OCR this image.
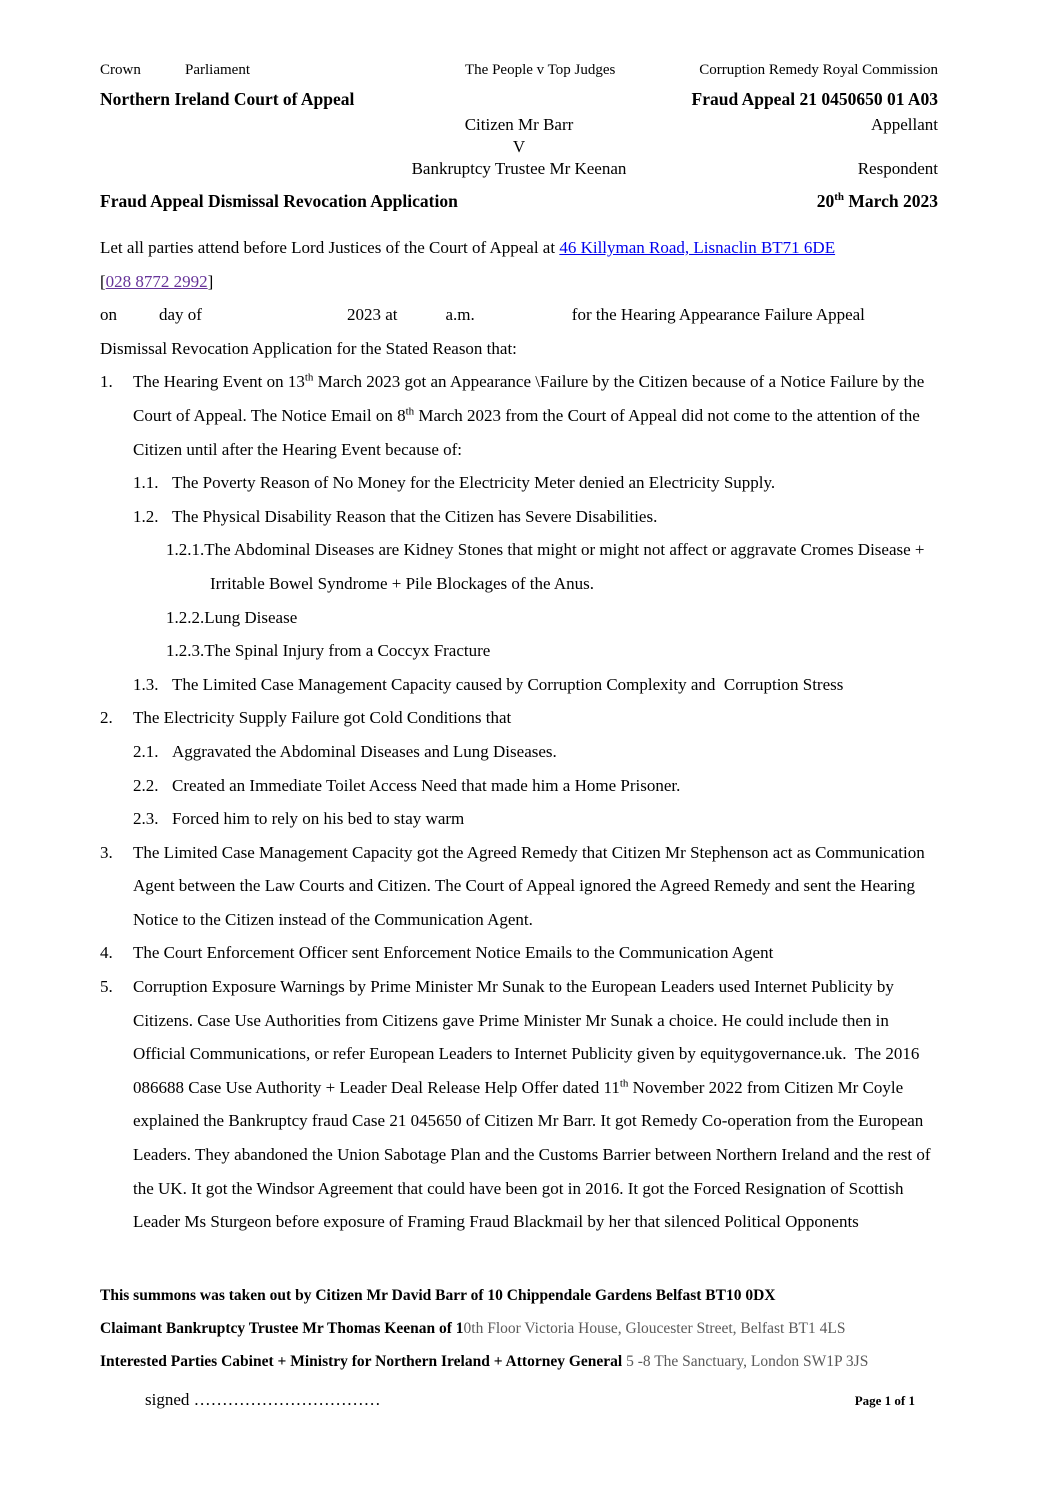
Crown	Parliament	The People v Top Judges	Corruption Remedy Royal Commission
Northern Ireland Court of Appeal	Fraud Appeal 21 0450650 01 A03
Citizen Mr Barr	Appellant
V
Bankruptcy Trustee Mr Keenan	Respondent
Fraud Appeal Dismissal Revocation Application	20th March 2023
Let all parties attend before Lord Justices of the Court of Appeal at 46 Killyman Road, Lisnaclin BT71 6DE
[028 8772 2992]
on day of	2023 at	a.m.	for the Hearing Appearance Failure Appeal
Dismissal Revocation Application for the Stated Reason that:
1.	The Hearing Event on 13th March 2023 got an Appearance \Failure by the Citizen because of a Notice Failure by the Court of Appeal. The Notice Email on 8th March 2023 from the Court of Appeal did not come to the attention of the Citizen until after the Hearing Event because of:
1.1. The Poverty Reason of No Money for the Electricity Meter denied an Electricity Supply.
1.2. The Physical Disability Reason that the Citizen has Severe Disabilities.
1.2.1.The Abdominal Diseases are Kidney Stones that might or might not affect or aggravate Cromes Disease + Irritable Bowel Syndrome + Pile Blockages of the Anus.
1.2.2.Lung Disease
1.2.3.The Spinal Injury from a Coccyx Fracture
1.3. The Limited Case Management Capacity caused by Corruption Complexity and  Corruption Stress
2.	The Electricity Supply Failure got Cold Conditions that
2.1. Aggravated the Abdominal Diseases and Lung Diseases.
2.2. Created an Immediate Toilet Access Need that made him a Home Prisoner.
2.3. Forced him to rely on his bed to stay warm
3.	The Limited Case Management Capacity got the Agreed Remedy that Citizen Mr Stephenson act as Communication Agent between the Law Courts and Citizen. The Court of Appeal ignored the Agreed Remedy and sent the Hearing Notice to the Citizen instead of the Communication Agent.
4.	The Court Enforcement Officer sent Enforcement Notice Emails to the Communication Agent
5.	Corruption Exposure Warnings by Prime Minister Mr Sunak to the European Leaders used Internet Publicity by Citizens. Case Use Authorities from Citizens gave Prime Minister Mr Sunak a choice. He could include then in Official Communications, or refer European Leaders to Internet Publicity given by equitygovernance.uk.  The 2016 086688 Case Use Authority + Leader Deal Release Help Offer dated 11th November 2022 from Citizen Mr Coyle explained the Bankruptcy fraud Case 21 045650 of Citizen Mr Barr. It got Remedy Co-operation from the European Leaders. They abandoned the Union Sabotage Plan and the Customs Barrier between Northern Ireland and the rest of the UK. It got the Windsor Agreement that could have been got in 2016. It got the Forced Resignation of Scottish Leader Ms Sturgeon before exposure of Framing Fraud Blackmail by her that silenced Political Opponents
This summons was taken out by Citizen Mr David Barr of 10 Chippendale Gardens Belfast BT10 0DX
Claimant Bankruptcy Trustee Mr Thomas Keenan of 10th Floor Victoria House, Gloucester Street, Belfast BT1 4LS
Interested Parties Cabinet + Ministry for Northern Ireland + Attorney General 5 -8 The Sanctuary, London SW1P 3JS
signed ……………………………	Page 1 of 1
